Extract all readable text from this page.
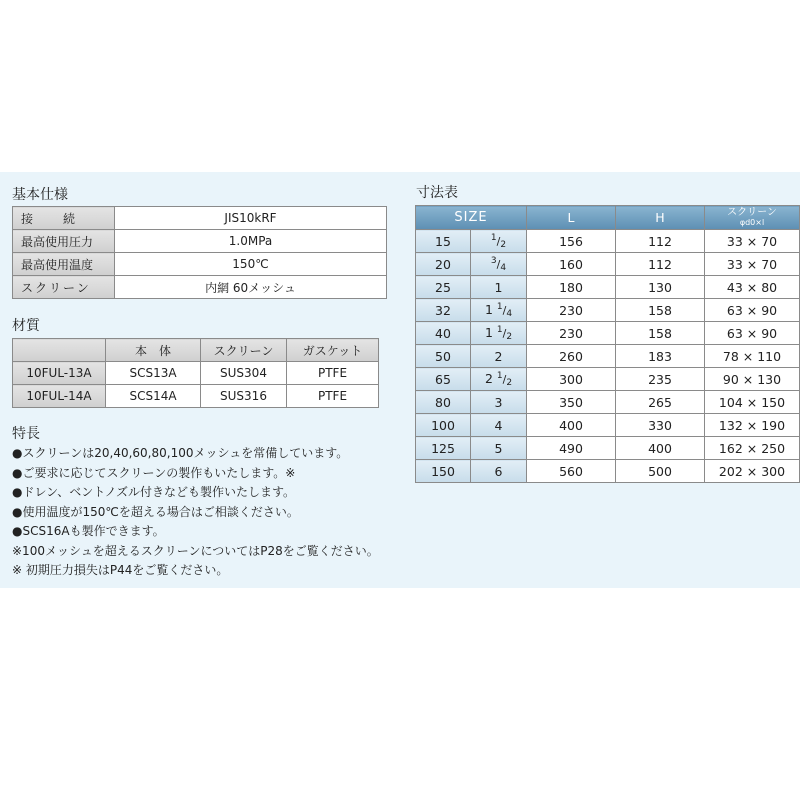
基本仕様
接　　続	JIS10kRF
最高使用圧力	1.0MPa
最高使用温度	150℃
スクリーン	内網 60メッシュ
材質
	本　体	スクリーン	ガスケット
10FUL-13A	SCS13A	SUS304	PTFE
10FUL-14A	SCS14A	SUS316	PTFE
特長
●スクリーンは20,40,60,80,100メッシュを常備しています。
●ご要求に応じてスクリーンの製作もいたします。※
●ドレン、ベントノズル付きなども製作いたします。
●使用温度が150℃を超える場合はご相談ください。
●SCS16Aも製作できます。
※100メッシュを超えるスクリーンについてはP28をご覧ください。
※ 初期圧力損失はP44をご覧ください。
寸法表
SIZE		L	H	スクリーン
φd0×l

15	$^1$/2	156	112	33 × 70
20	$^3$/4	160	112	33 × 70
25	1	180	130	43 × 80
32	1 $^1$/4	230	158	63 × 90
40	1 $^1$/2	230	158	63 × 90
50	2	260	183	78 × 110
65	2 $^1$/2	300	235	90 × 130
80	3	350	265	104 × 150
100	4	400	330	132 × 190
125	5	490	400	162 × 250
150	6	560	500	202 × 300
